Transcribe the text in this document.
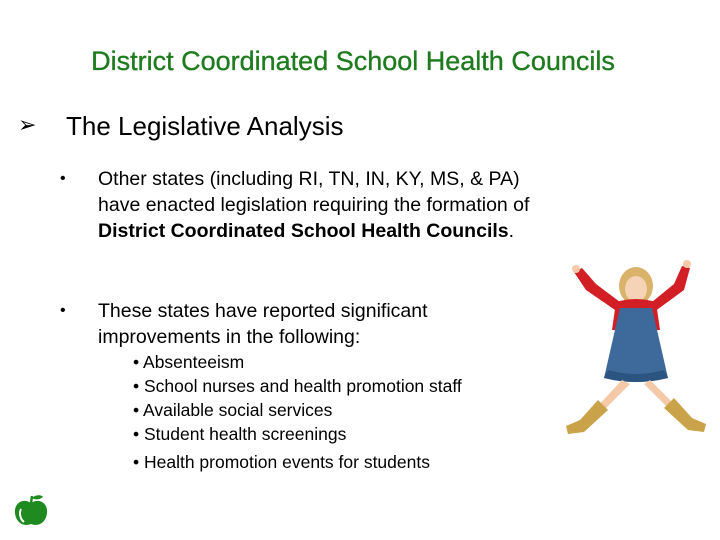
District Coordinated School Health Councils
➢ The Legislative Analysis
• Other states (including RI, TN, IN, KY, MS, & PA) have enacted legislation requiring the formation of District Coordinated School Health Councils.
• These states have reported significant improvements in the following:
• Absenteeism
• School nurses and health promotion staff
• Available social services
• Student health screenings
• Health promotion events for students
